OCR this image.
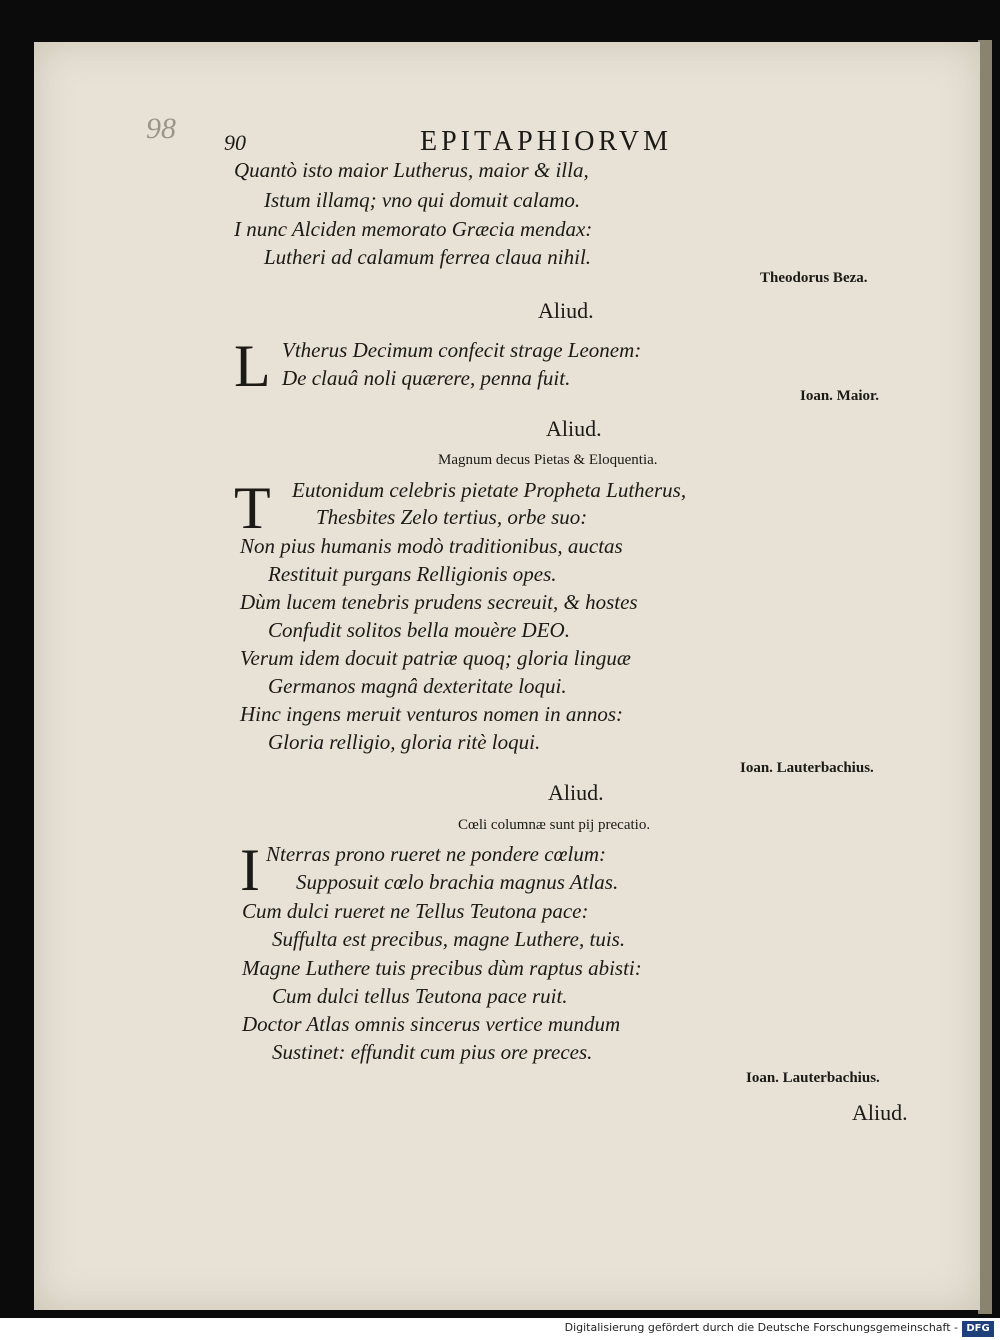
98 90	EPITAPHIORVM
Quantò isto maior Lutherus, maior & illa,
Istum illamq; vno qui domuit calamo.
I nunc Alciden memorato Græcia mendax:
Lutheri ad calamum ferrea claua nihil.
Theodorus Beza.
Aliud.
L Vtherus Decimum confecit strage Leonem:
De clauâ noli quærere, penna fuit.
Ioan. Maior.
Aliud.
Magnum decus Pietas & Eloquentia.
T Eutonidum celebris pietate Propheta Lutherus,
Thesbites Zelo tertius, orbe suo:
Non pius humanis modò traditionibus, auctas
Restituit purgans Relligionis opes.
Dùm lucem tenebris prudens secreuit, & hostes
Confudit solitos bella mouère DEO.
Verum idem docuit patriæ quoq; gloria linguæ
Germanos magnâ dexteritate loqui.
Hinc ingens meruit venturos nomen in annos:
Gloria relligio, gloria ritè loqui.
Ioan. Lauterbachius.
Aliud.
Cœli columnæ sunt pij precatio.
I Nterras prono rueret ne pondere cœlum:
Supposuit cœlo brachia magnus Atlas.
Cum dulci rueret ne Tellus Teutona pace:
Suffulta est precibus, magne Luthere, tuis.
Magne Luthere tuis precibus dùm raptus abisti:
Cum dulci tellus Teutona pace ruit.
Doctor Atlas omnis sincerus vertice mundum
Sustinet: effundit cum pius ore preces.
Ioan. Lauterbachius.
Aliud.
Digitalisierung gefördert durch die Deutsche Forschungsgemeinschaft - DFG
